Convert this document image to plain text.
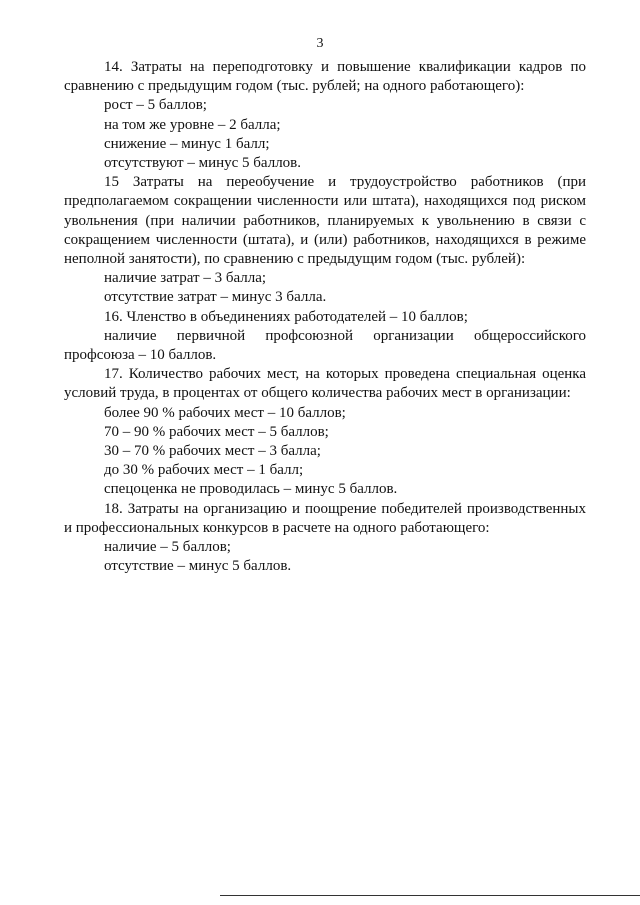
3

14. Затраты на переподготовку и повышение квалификации кадров по сравнению с предыдущим годом (тыс. рублей; на одного работающего):

рост – 5 баллов;

на том же уровне – 2 балла;

снижение – минус 1 балл;

отсутствуют – минус 5 баллов.

15 Затраты на переобучение и трудоустройство работников (при предполагаемом сокращении численности или штата), находящихся под риском увольнения (при наличии работников, планируемых к увольнению в связи с сокращением численности (штата), и (или) работников, находящихся в режиме неполной занятости), по сравнению с предыдущим годом (тыс. рублей):

наличие затрат – 3 балла;

отсутствие затрат – минус 3 балла.

16. Членство в объединениях работодателей – 10 баллов;

наличие первичной профсоюзной организации общероссийского профсоюза – 10 баллов.

17. Количество рабочих мест, на которых проведена специальная оценка условий труда, в процентах от общего количества рабочих мест в организации:

более 90 % рабочих мест – 10 баллов;

70 – 90 % рабочих мест – 5 баллов;

30 – 70 % рабочих мест – 3 балла;

до 30 % рабочих мест – 1 балл;

спецоценка не проводилась – минус 5 баллов.

18. Затраты на организацию и поощрение победителей производственных и профессиональных конкурсов в расчете на одного работающего:

наличие – 5 баллов;

отсутствие – минус 5 баллов.
